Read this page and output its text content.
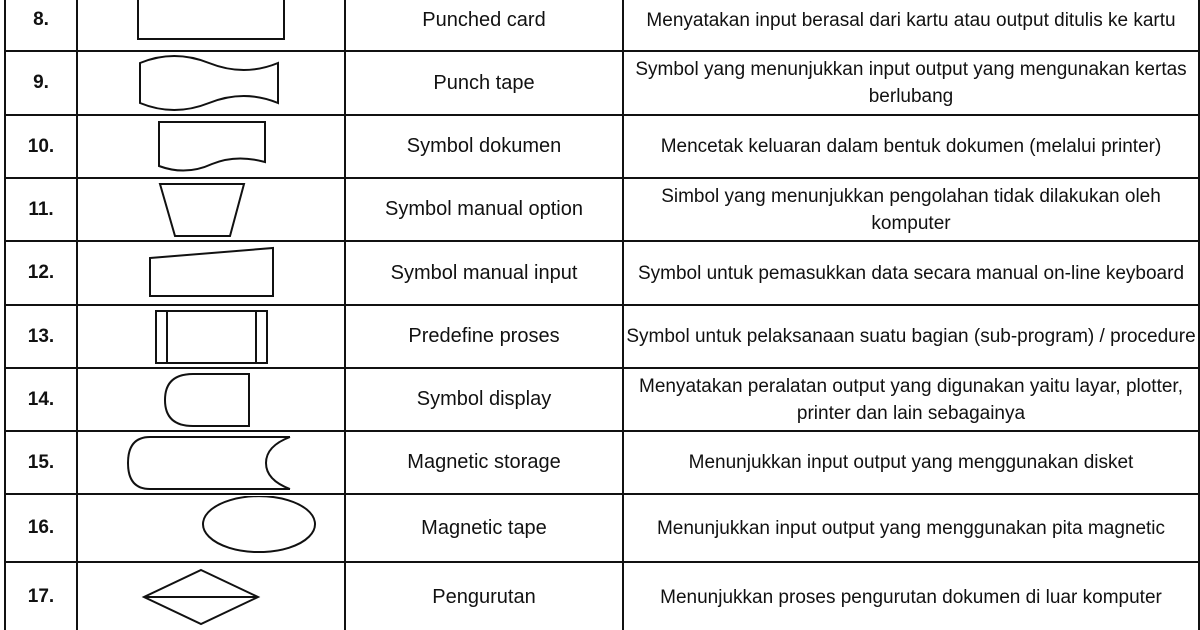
8.		Punched card	Menyatakan input berasal dari kartu atau output ditulis ke kartu

9.		Punch tape	Symbol yang menunjukkan input output yang mengunakan kertas berlubang

10.		Symbol dokumen	Mencetak keluaran dalam bentuk dokumen (melalui printer)

11.		Symbol manual option	Simbol yang menunjukkan pengolahan tidak dilakukan oleh komputer

12.		Symbol manual input	Symbol untuk pemasukkan data secara manual on-line keyboard

13.		Predefine proses	Symbol untuk pelaksanaan suatu bagian (sub-program) / procedure

14.		Symbol display	Menyatakan peralatan output yang digunakan yaitu layar, plotter, printer dan lain sebagainya

15.		Magnetic storage	Menunjukkan input output yang menggunakan disket

16.		Magnetic tape	Menunjukkan input output yang menggunakan pita magnetic

17.		Pengurutan	Menunjukkan proses pengurutan dokumen di luar komputer
